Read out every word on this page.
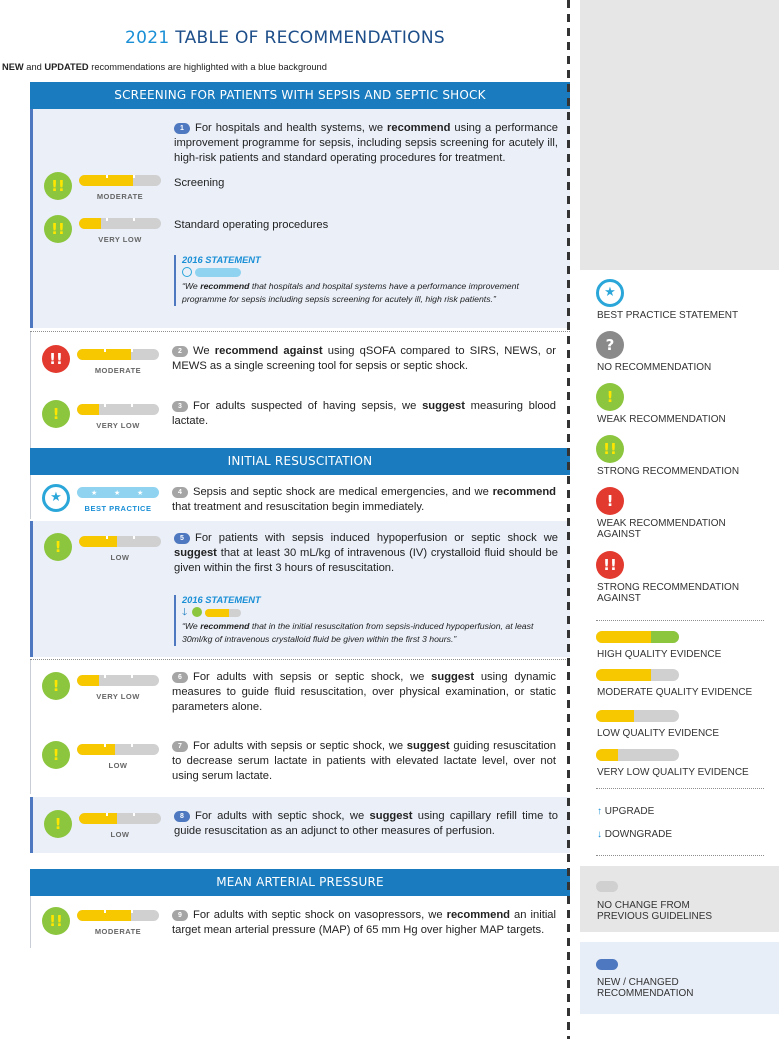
2021 TABLE OF RECOMMENDATIONS
NEW and UPDATED recommendations are highlighted with a blue background
SCREENING FOR PATIENTS WITH SEPSIS AND SEPTIC SHOCK
1 For hospitals and health systems, we recommend using a performance improvement programme for sepsis, including sepsis screening for acutely ill, high-risk patients and standard operating procedures for treatment.
!!
MODERATE
Screening
!!
VERY LOW
Standard operating procedures
2016 STATEMENT
“We recommend that hospitals and hospital systems have a performance improvement programme for sepsis including sepsis screening for acutely ill, high risk patients.”
!!
MODERATE
2 We recommend against using qSOFA compared to SIRS, NEWS, or MEWS as a single screening tool for sepsis or septic shock.
!
VERY LOW
3 For adults suspected of having sepsis, we suggest measuring blood lactate.
INITIAL RESUSCITATION
★	★ ★ ★
BEST PRACTICE
4 Sepsis and septic shock are medical emergencies, and we recommend that treatment and resuscitation begin immediately.
!
LOW
5 For patients with sepsis induced hypoperfusion or septic shock we suggest that at least 30 mL/kg of intravenous (IV) crystalloid fluid should be given within the first 3 hours of resuscitation.
2016 STATEMENT
🡓
“We recommend that in the initial resuscitation from sepsis-induced hypoperfusion, at least 30ml/kg of intravenous crystalloid fluid be given within the first 3 hours.”
!
VERY LOW
6 For adults with sepsis or septic shock, we suggest using dynamic measures to guide fluid resuscitation, over physical examination, or static parameters alone.
!
LOW
7 For adults with sepsis or septic shock, we suggest guiding resuscitation to decrease serum lactate in patients with elevated lactate level, over not using serum lactate.
!
LOW
8 For adults with septic shock, we suggest using capillary refill time to guide resuscitation as an adjunct to other measures of perfusion.
MEAN ARTERIAL PRESSURE
!!
MODERATE
9 For adults with septic shock on vasopressors, we recommend an initial target mean arterial pressure (MAP) of 65 mm Hg over higher MAP targets.
★
BEST PRACTICE STATEMENT
?
NO RECOMMENDATION
!
WEAK RECOMMENDATION
!!
STRONG RECOMMENDATION
!
WEAK RECOMMENDATION
AGAINST
!!
STRONG RECOMMENDATION
AGAINST
HIGH QUALITY EVIDENCE
MODERATE QUALITY EVIDENCE
LOW QUALITY EVIDENCE
VERY LOW QUALITY EVIDENCE
↑ UPGRADE
↓ DOWNGRADE
NO CHANGE FROM
PREVIOUS GUIDELINES
NEW / CHANGED
RECOMMENDATION
